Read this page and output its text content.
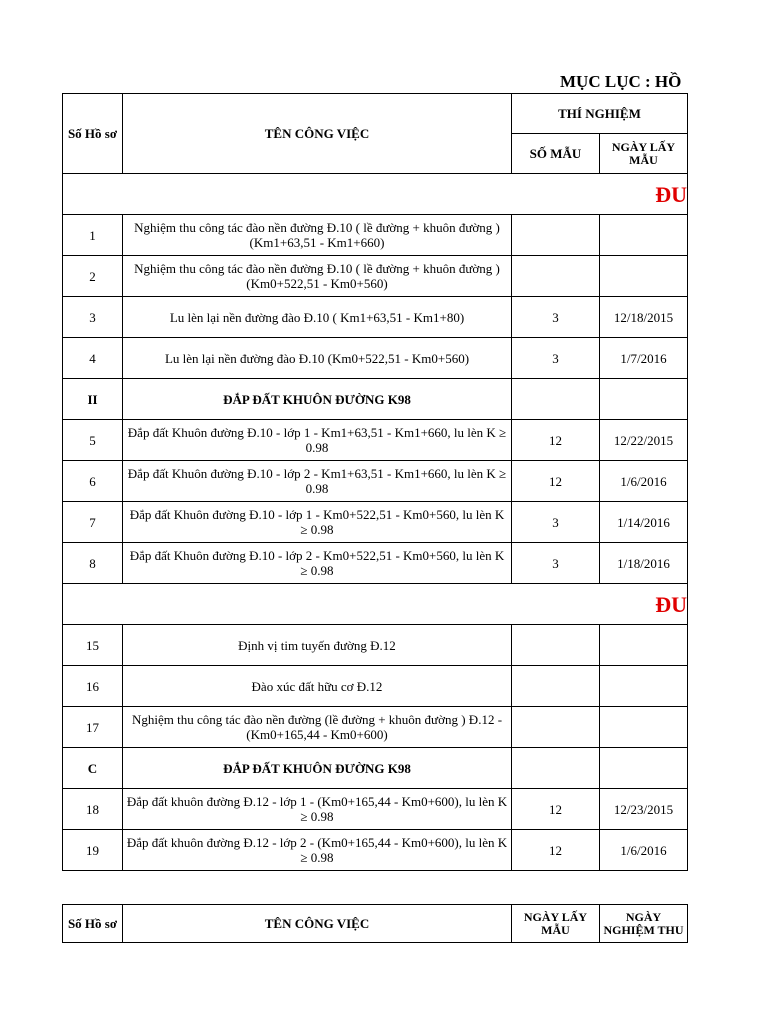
MỤC LỤC : HỒ
Số Hồ sơ	TÊN CÔNG VIỆC	THÍ NGHIỆM	
		SỐ MẪU	NGÀY LẤY MẪU
ĐU			
1	Nghiệm thu công tác đào nền đường Đ.10 ( lề đường + khuôn đường ) (Km1+63,51 - Km1+660)		
2	Nghiệm thu công tác đào nền đường Đ.10 ( lề đường + khuôn đường ) (Km0+522,51 - Km0+560)		
3	Lu lèn lại nền đường đào Đ.10 ( Km1+63,51 - Km1+80)	3	12/18/2015
4	Lu lèn lại nền đường đào Đ.10 (Km0+522,51 - Km0+560)	3	1/7/2016
II	ĐẮP ĐẤT KHUÔN ĐƯỜNG K98		
5	Đắp đất Khuôn đường Đ.10 - lớp 1 - Km1+63,51 - Km1+660, lu lèn K ≥ 0.98	12	12/22/2015
6	Đắp đất Khuôn đường Đ.10 - lớp 2 - Km1+63,51 - Km1+660, lu lèn K ≥ 0.98	12	1/6/2016
7	Đắp đất Khuôn đường Đ.10 - lớp 1 - Km0+522,51 - Km0+560, lu lèn K ≥ 0.98	3	1/14/2016
8	Đắp đất Khuôn đường Đ.10 - lớp 2 - Km0+522,51 - Km0+560, lu lèn K ≥ 0.98	3	1/18/2016
ĐU			
15	Định vị tim tuyến đường Đ.12		
16	Đào xúc đất hữu cơ Đ.12		
17	Nghiệm thu công tác đào nền đường (lề đường + khuôn đường ) Đ.12 - (Km0+165,44 - Km0+600)		
C	ĐẮP ĐẤT KHUÔN ĐƯỜNG K98		
18	Đắp đất khuôn đường Đ.12 - lớp 1 - (Km0+165,44 - Km0+600), lu lèn K ≥ 0.98	12	12/23/2015
19	Đắp đất khuôn đường Đ.12 - lớp 2 - (Km0+165,44 - Km0+600), lu lèn K ≥ 0.98	12	1/6/2016
Số Hồ sơ	TÊN CÔNG VIỆC	NGÀY LẤY MẪU	NGÀY NGHIỆM THU
